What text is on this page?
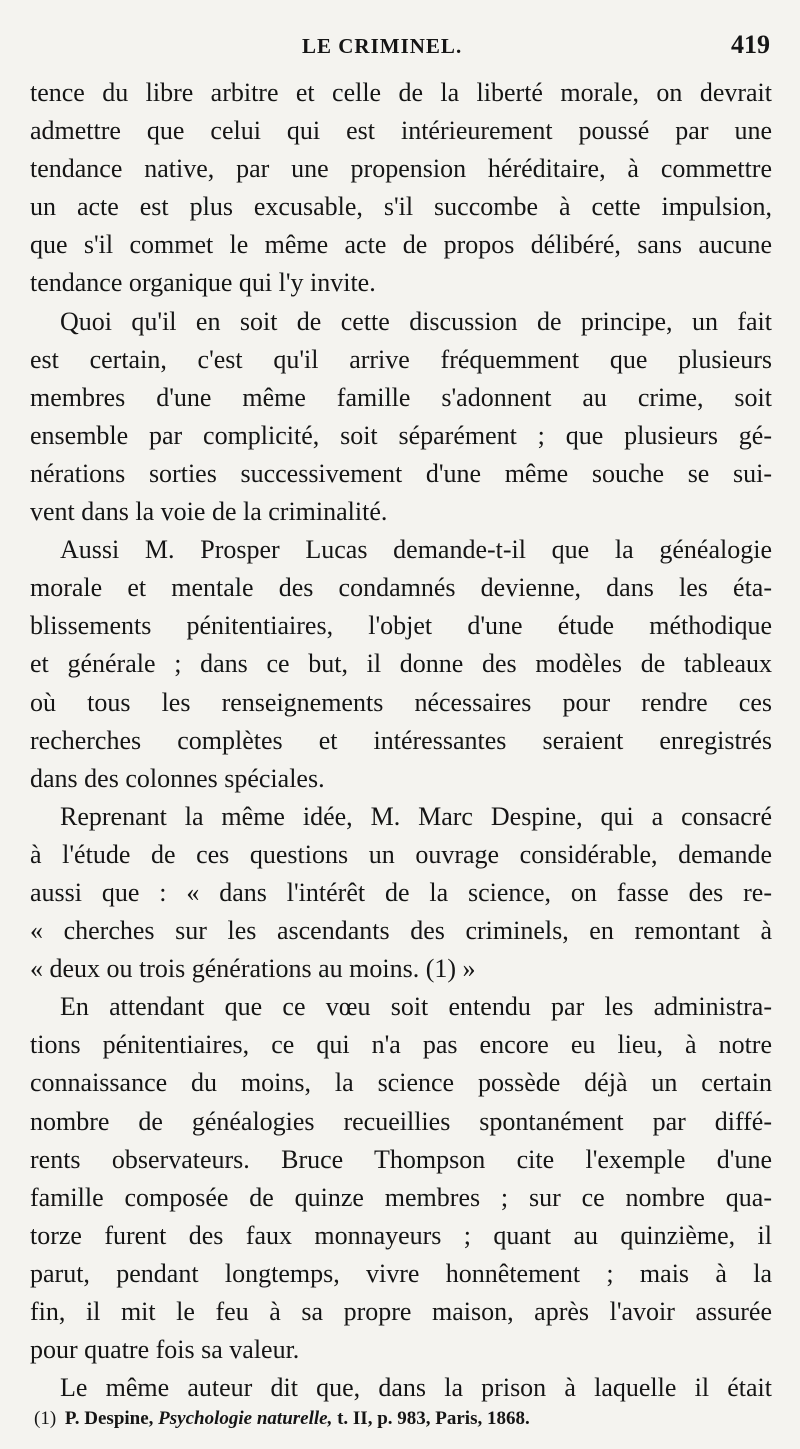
LE CRIMINEL.	419
tence du libre arbitre et celle de la liberté morale, on devrait
admettre que celui qui est intérieurement poussé par une
tendance native, par une propension héréditaire, à commettre
un acte est plus excusable, s'il succombe à cette impulsion,
que s'il commet le même acte de propos délibéré, sans aucune
tendance organique qui l'y invite.
Quoi qu'il en soit de cette discussion de principe, un fait
est certain, c'est qu'il arrive fréquemment que plusieurs
membres d'une même famille s'adonnent au crime, soit
ensemble par complicité, soit séparément ; que plusieurs gé-
nérations sorties successivement d'une même souche se sui-
vent dans la voie de la criminalité.
Aussi M. Prosper Lucas demande-t-il que la généalogie
morale et mentale des condamnés devienne, dans les éta-
blissements pénitentiaires, l'objet d'une étude méthodique
et générale ; dans ce but, il donne des modèles de tableaux
où tous les renseignements nécessaires pour rendre ces
recherches complètes et intéressantes seraient enregistrés
dans des colonnes spéciales.
Reprenant la même idée, M. Marc Despine, qui a consacré
à l'étude de ces questions un ouvrage considérable, demande
aussi que : « dans l'intérêt de la science, on fasse des re-
« cherches sur les ascendants des criminels, en remontant à
« deux ou trois générations au moins. (1) »
En attendant que ce vœu soit entendu par les administra-
tions pénitentiaires, ce qui n'a pas encore eu lieu, à notre
connaissance du moins, la science possède déjà un certain
nombre de généalogies recueillies spontanément par diffé-
rents observateurs. Bruce Thompson cite l'exemple d'une
famille composée de quinze membres ; sur ce nombre qua-
torze furent des faux monnayeurs ; quant au quinzième, il
parut, pendant longtemps, vivre honnêtement ; mais à la
fin, il mit le feu à sa propre maison, après l'avoir assurée
pour quatre fois sa valeur.
Le même auteur dit que, dans la prison à laquelle il était
(1) P. Despine, Psychologie naturelle, t. II, p. 983, Paris, 1868.
